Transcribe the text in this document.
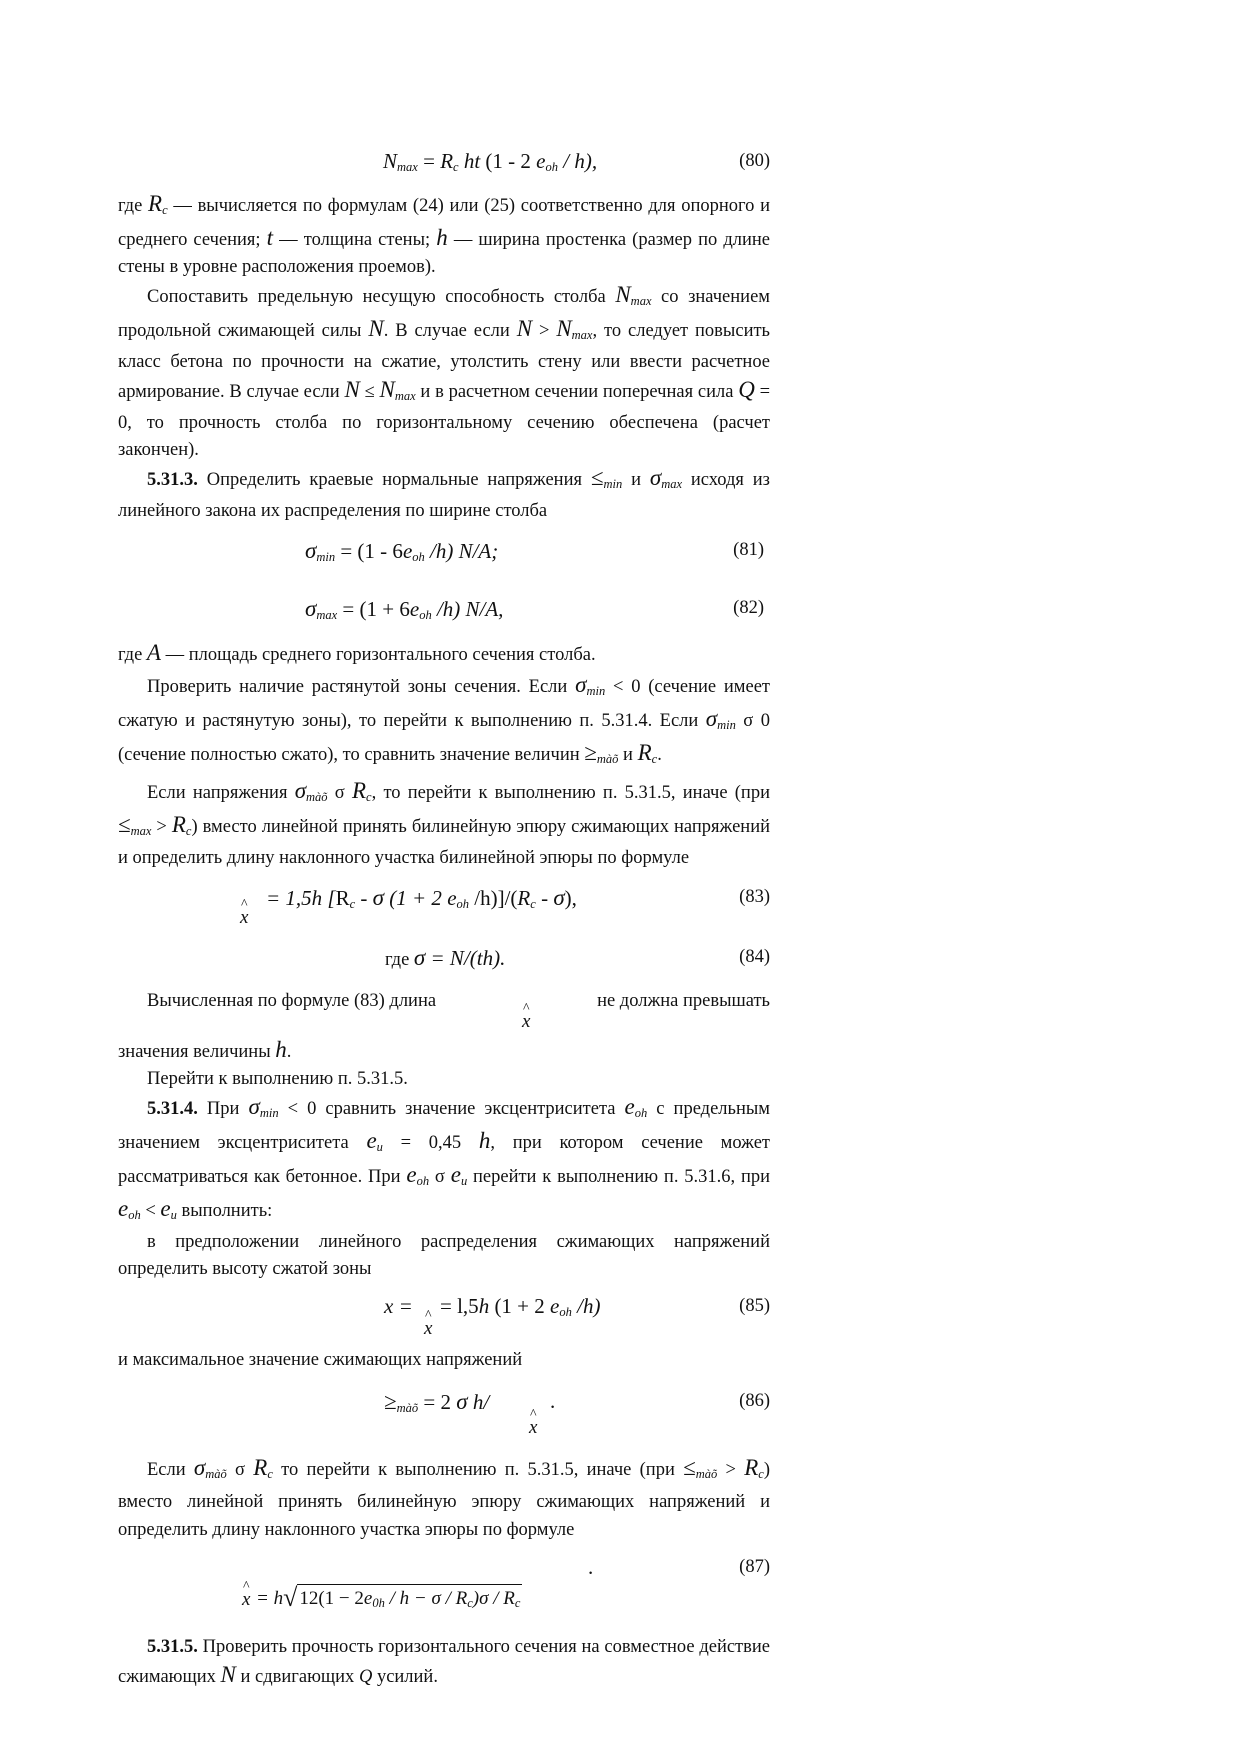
$N_{max} = R_c$ ht (1 - 2 $e_{oh} / h$),	(80)

где $R_c$ — вычисляется по формулам (24) или (25) соответственно для опорного и среднего сечения; t — толщина стены; h — ширина простенка (размер по длине стены в уровне расположения проемов).

Сопоставить предельную несущую способность столба $N_{max}$ со значением продольной сжимающей силы N. В случае если $N > N_{max}$, то следует повысить класс бетона по прочности на сжатие, утолстить стену или ввести расчетное армирование. В случае если $N \le N_{max}$ и в расчетном сечении поперечная сила Q = 0, то прочность столба по горизонтальному сечению обеспечена (расчет закончен).

5.31.3. Определить краевые нормальные напряжения $\le_{min}$ и $\sigma_{max}$ исходя из линейного закона их распределения по ширине столба

$\sigma_{min} = (1 - 6e_{oh}$ /h) N/A;	(81)
$\sigma_{max} = (1 + 6e_{oh}$ /h) N/A,	(82)

где A — площадь среднего горизонтального сечения столба.

Проверить наличие растянутой зоны сечения. Если $\sigma_{min} < 0$ (сечение имеет сжатую и растянутую зоны), то перейти к выполнению п. 5.31.4. Если $\sigma_{min}$ σ 0 (сечение полностью сжато), то сравнить значение величин $\ge_{màõ}$ и $R_c$.

Если напряжения $\sigma_{màõ}$ σ $R_c$, то перейти к выполнению п. 5.31.5, иначе $(при \le_{max} > R_c)$ вместо линейной принять билинейную эпюру сжимающих напряжений и определить длину наклонного участка билинейной эпюры по формуле

^ x
= 1,5h [$R_c$ - σ (1 + 2 $e_{oh}$ $/h)]/(R_c - \sigma)$,	(83)
где σ = N/(th).	(84)
Вычисленная по формуле (83) длина
^ x
не должна превышать

значения величины h.

Перейти к выполнению п. 5.31.5.

5.31.4. При $\sigma_{min} < 0$ сравнить значение эксцентриситета $e_{oh}$ с предельным значением эксцентриситета $e_u = 0,45$ h, при котором сечение может рассматриваться как бетонное. При $e_{oh}$ σ $e_u$ перейти к выполнению п. 5.31.6, при $e_{oh} < e_u$ выполнить:

в предположении линейного распределения сжимающих напряжений определить высоту сжатой зоны

x =
^ x
= l,5h (1 + 2 $e_{oh}$ /h)	(85)

и максимальное значение сжимающих напряжений

$\ge_{màõ} = 2$ σ h/
^ x
.	(86)

Если $\sigma_{màõ}$ σ $R_c$ то перейти к выполнению п. 5.31.5, иначе $(при \le_{màõ} > R_c)$ вместо линейной принять билинейную эпюру сжимающих напряжений и определить длину наклонного участка эпюры по формуле

.	(87)
^ x = h√ $12(1 - 2e_{0h} / h - \sigma / R_c)\sigma / R_c$

5.31.5. Проверить прочность горизонтального сечения на совместное действие сжимающих N и сдвигающих Q усилий.
